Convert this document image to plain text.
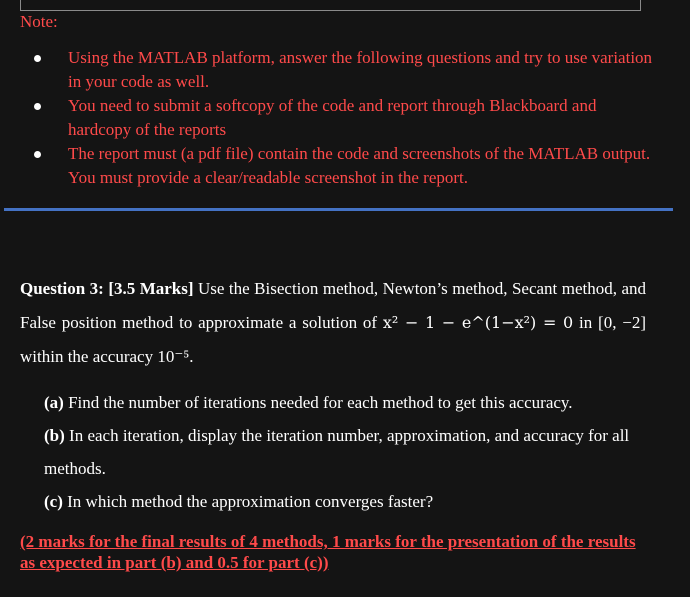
Note:
Using the MATLAB platform, answer the following questions and try to use variation in your code as well.
You need to submit a softcopy of the code and report through Blackboard and hardcopy of the reports
The report must (a pdf file) contain the code and screenshots of the MATLAB output. You must provide a clear/readable screenshot in the report.
Question 3: [3.5 Marks] Use the Bisection method, Newton’s method, Secant method, and False position method to approximate a solution of x² − 1 − e^(1−x²) = 0 in [0, −2] within the accuracy 10⁻⁵.
(a) Find the number of iterations needed for each method to get this accuracy.
(b) In each iteration, display the iteration number, approximation, and accuracy for all methods.
(c) In which method the approximation converges faster?
(2 marks for the final results of 4 methods, 1 marks for the presentation of the results as expected in part (b) and 0.5 for part (c))
